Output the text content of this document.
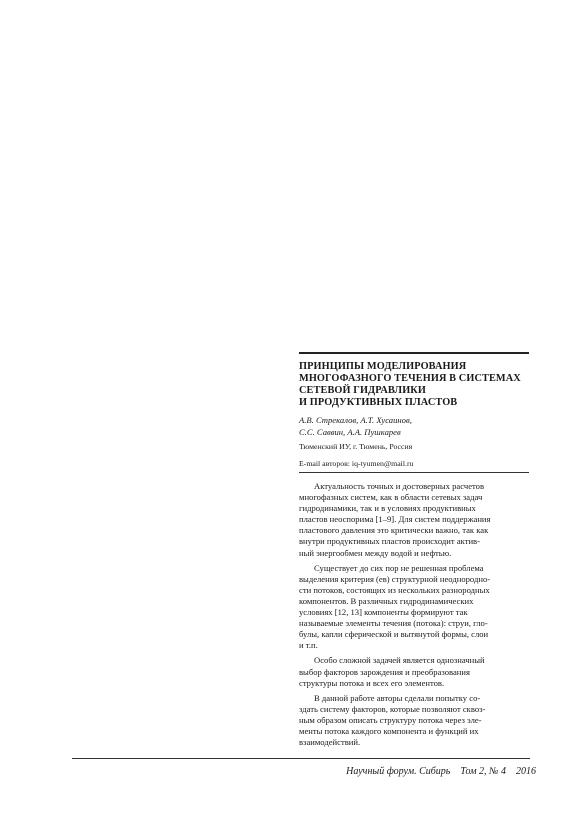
ПРИНЦИПЫ МОДЕЛИРОВАНИЯ
МНОГОФАЗНОГО ТЕЧЕНИЯ В СИСТЕМАХ
СЕТЕВОЙ ГИДРАВЛИКИ
И ПРОДУКТИВНЫХ ПЛАСТОВ
А.В. Стрекалов, А.Т. Хусаинов,
С.С. Саввин, А.А. Пушкарев
Тюменский ИУ, г. Тюмень, Россия
E-mail авторов: iq-tyumen@mail.ru

Актуальность точных и достоверных расчетов
многофазных систем, как в области сетевых задач
гидродинамики, так и в условиях продуктивных
пластов неоспорима [1–9]. Для систем поддержания
пластового давления это критически важно, так как
внутри продуктивных пластов происходит актив-
ный энергообмен между водой и нефтью.

Существует до сих пор не решенная проблема
выделения критерия (ев) структурной неоднородно-
сти потоков, состоящих из нескольких разнородных
компонентов. В различных гидродинамических
условиях [12, 13] компоненты формируют так
называемые элементы течения (потока): струи, гло-
булы, капли сферической и вытянутой формы, слои
и т.п.

Особо сложной задачей является однозначный
выбор факторов зарождения и преобразования
структуры потока и всех его элементов.

В данной работе авторы сделали попытку со-
здать систему факторов, которые позволяют сквоз-
ным образом описать структуру потока через эле-
менты потока каждого компонента и функций их
взаимодействий.

Научный форум. Сибирь Том 2, № 4 2016
